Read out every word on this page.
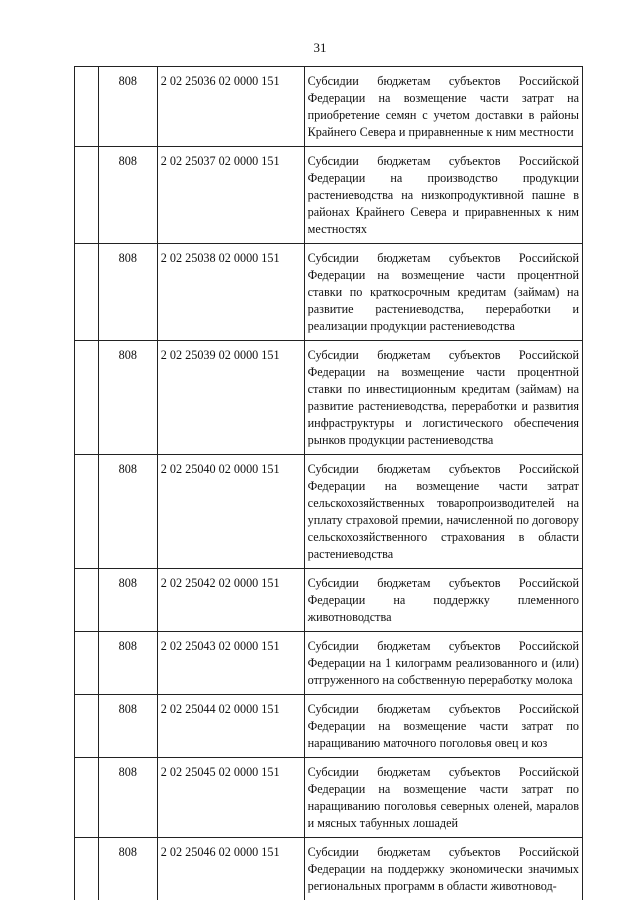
31
	808	2 02 25036 02 0000 151	Субсидии бюджетам субъектов Российской Федерации на возмещение части затрат на приобретение семян с учетом доставки в районы Крайнего Севера и приравненные к ним местности
	808	2 02 25037 02 0000 151	Субсидии бюджетам субъектов Российской Федерации на производство продукции растениеводства на низкопродуктивной пашне в районах Крайнего Севера и приравненных к ним местностях
	808	2 02 25038 02 0000 151	Субсидии бюджетам субъектов Российской Федерации на возмещение части процентной ставки по краткосрочным кредитам (займам) на развитие растениеводства, переработки и реализации продукции растениеводства
	808	2 02 25039 02 0000 151	Субсидии бюджетам субъектов Российской Федерации на возмещение части процентной ставки по инвестиционным кредитам (займам) на развитие растениеводства, переработки и развития инфраструктуры и логистического обеспечения рынков продукции растениеводства
	808	2 02 25040 02 0000 151	Субсидии бюджетам субъектов Российской Федерации на возмещение части затрат сельскохозяйственных товаропроизводителей на уплату страховой премии, начисленной по договору сельскохозяйственного страхования в области растениеводства
	808	2 02 25042 02 0000 151	Субсидии бюджетам субъектов Российской Федерации на поддержку племенного животноводства
	808	2 02 25043 02 0000 151	Субсидии бюджетам субъектов Российской Федерации на 1 килограмм реализованного и (или) отгруженного на собственную переработку молока
	808	2 02 25044 02 0000 151	Субсидии бюджетам субъектов Российской Федерации на возмещение части затрат по наращиванию маточного поголовья овец и коз
	808	2 02 25045 02 0000 151	Субсидии бюджетам субъектов Российской Федерации на возмещение части затрат по наращиванию поголовья северных оленей, маралов и мясных табунных лошадей
	808	2 02 25046 02 0000 151	Субсидии бюджетам субъектов Российской Федерации на поддержку экономически значимых региональных программ в области животновод-
